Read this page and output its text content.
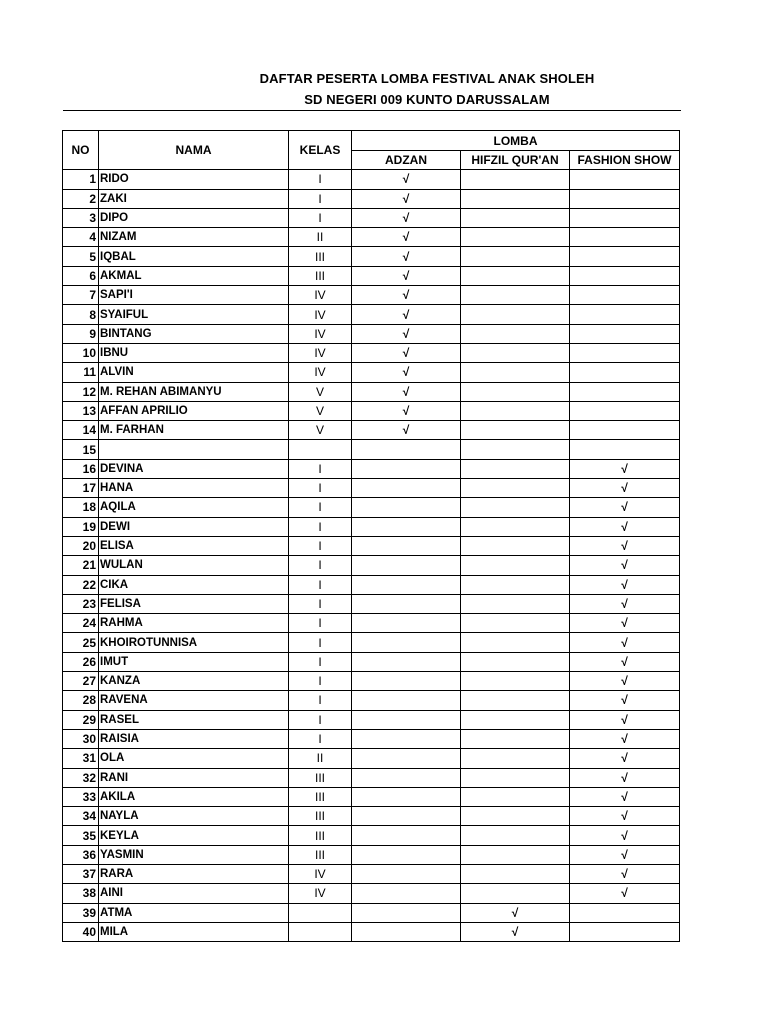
DAFTAR PESERTA LOMBA FESTIVAL ANAK SHOLEH
SD NEGERI 009 KUNTO DARUSSALAM
NO	NAMA	KELAS	LOMBA		
			ADZAN	HIFZIL QUR'AN	FASHION SHOW
1	RIDO	I	√		
2	ZAKI	I	√		
3	DIPO	I	√		
4	NIZAM	II	√		
5	IQBAL	III	√		
6	AKMAL	III	√		
7	SAPI'I	IV	√		
8	SYAIFUL	IV	√		
9	BINTANG	IV	√		
10	IBNU	IV	√		
11	ALVIN	IV	√		
12	M. REHAN ABIMANYU	V	√		
13	AFFAN APRILIO	V	√		
14	M. FARHAN	V	√		
15					
16	DEVINA	I			√
17	HANA	I			√
18	AQILA	I			√
19	DEWI	I			√
20	ELISA	I			√
21	WULAN	I			√
22	CIKA	I			√
23	FELISA	I			√
24	RAHMA	I			√
25	KHOIROTUNNISA	I			√
26	IMUT	I			√
27	KANZA	I			√
28	RAVENA	I			√
29	RASEL	I			√
30	RAISIA	I			√
31	OLA	II			√
32	RANI	III			√
33	AKILA	III			√
34	NAYLA	III			√
35	KEYLA	III			√
36	YASMIN	III			√
37	RARA	IV			√
38	AINI	IV			√
39	ATMA			√	
40	MILA			√	
